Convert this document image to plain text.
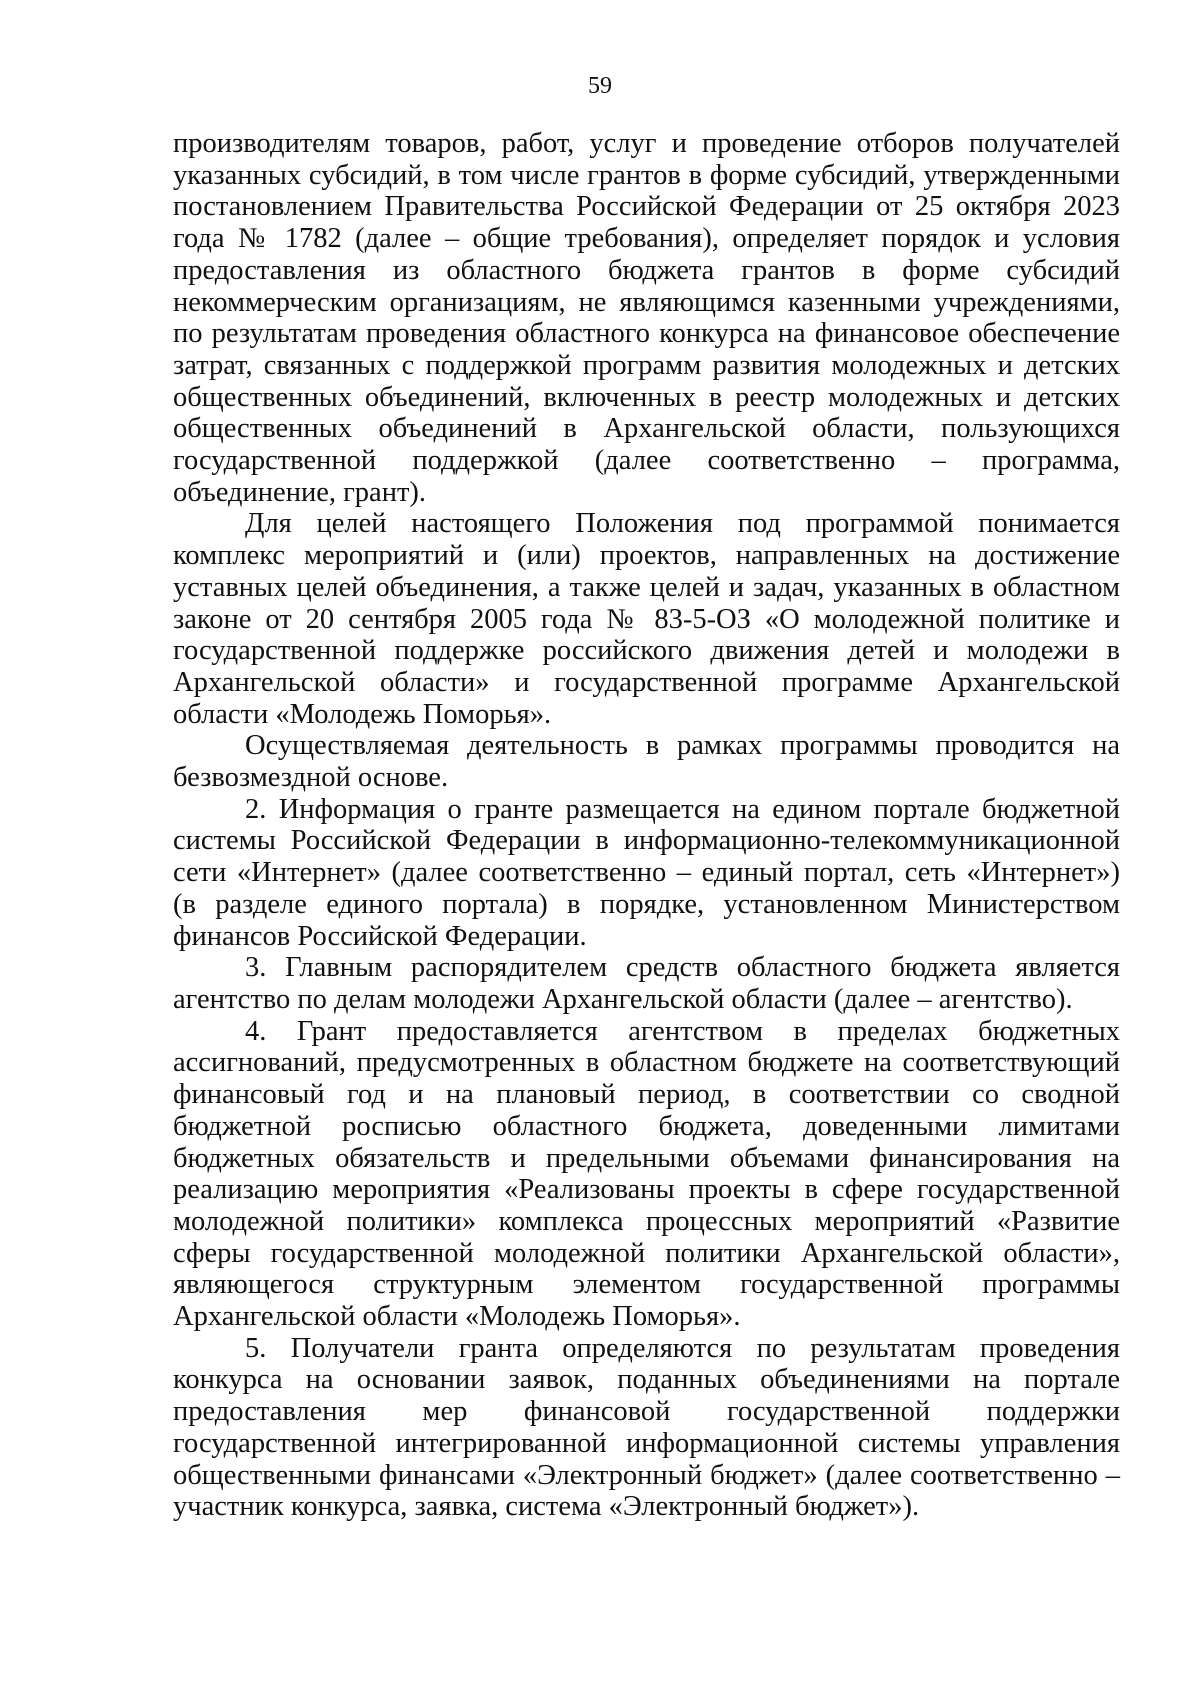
59

производителям товаров, работ, услуг и проведение отборов получателей указанных субсидий, в том числе грантов в форме субсидий, утвержденными постановлением Правительства Российской Федерации от 25 октября 2023 года № 1782 (далее – общие требования), определяет порядок и условия предоставления из областного бюджета грантов в форме субсидий некоммерческим организациям, не являющимся казенными учреждениями, по результатам проведения областного конкурса на финансовое обеспечение затрат, связанных с поддержкой программ развития молодежных и детских общественных объединений, включенных в реестр молодежных и детских общественных объединений в Архангельской области, пользующихся государственной поддержкой (далее соответственно – программа, объединение, грант).

Для целей настоящего Положения под программой понимается комплекс мероприятий и (или) проектов, направленных на достижение уставных целей объединения, а также целей и задач, указанных в областном законе от 20 сентября 2005 года № 83-5-ОЗ «О молодежной политике и государственной поддержке российского движения детей и молодежи в Архангельской области» и государственной программе Архангельской области «Молодежь Поморья».

Осуществляемая деятельность в рамках программы проводится на безвозмездной основе.

2. Информация о гранте размещается на едином портале бюджетной системы Российской Федерации в информационно-телекоммуникационной сети «Интернет» (далее соответственно – единый портал, сеть «Интернет») (в разделе единого портала) в порядке, установленном Министерством финансов Российской Федерации.

3. Главным распорядителем средств областного бюджета является агентство по делам молодежи Архангельской области (далее – агентство).

4. Грант предоставляется агентством в пределах бюджетных ассигнований, предусмотренных в областном бюджете на соответствующий финансовый год и на плановый период, в соответствии со сводной бюджетной росписью областного бюджета, доведенными лимитами бюджетных обязательств и предельными объемами финансирования на реализацию мероприятия «Реализованы проекты в сфере государственной молодежной политики» комплекса процессных мероприятий «Развитие сферы государственной молодежной политики Архангельской области», являющегося структурным элементом государственной программы Архангельской области «Молодежь Поморья».

5. Получатели гранта определяются по результатам проведения конкурса на основании заявок, поданных объединениями на портале предоставления мер финансовой государственной поддержки государственной интегрированной информационной системы управления общественными финансами «Электронный бюджет» (далее соответственно – участник конкурса, заявка, система «Электронный бюджет»).
